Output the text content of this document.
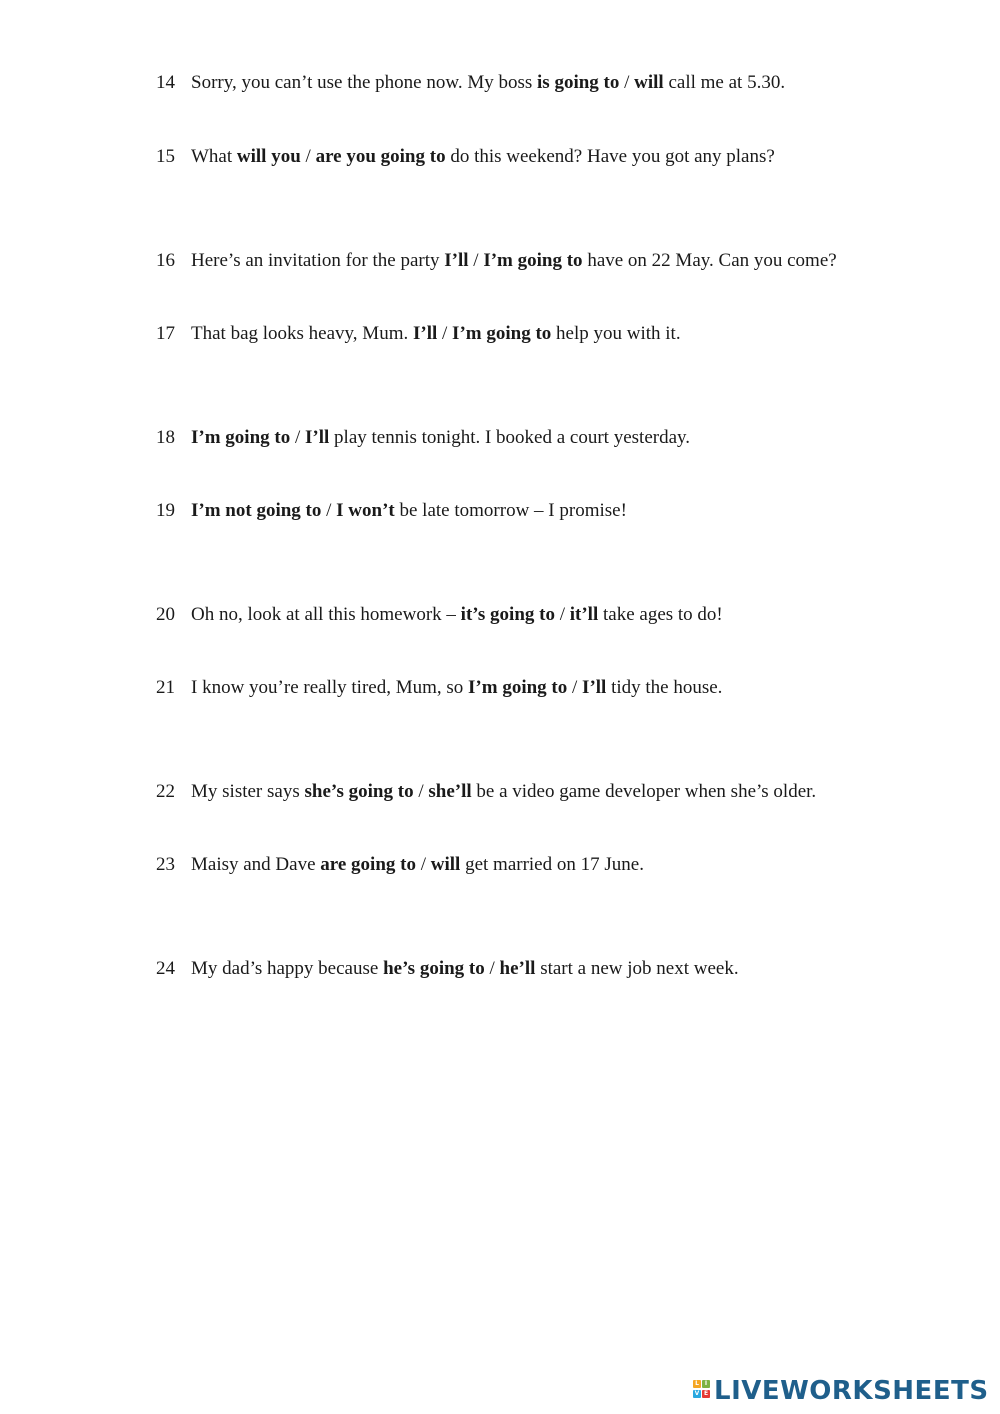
14 Sorry, you can’t use the phone now. My boss is going to / will call me at 5.30.
15 What will you / are you going to do this weekend? Have you got any plans?
16 Here’s an invitation for the party I’ll / I’m going to have on 22 May. Can you come?
17 That bag looks heavy, Mum. I’ll / I’m going to help you with it.
18 I’m going to / I’ll play tennis tonight. I booked a court yesterday.
19 I’m not going to / I won’t be late tomorrow – I promise!
20 Oh no, look at all this homework – it’s going to / it’ll take ages to do!
21 I know you’re really tired, Mum, so I’m going to / I’ll tidy the house.
22 My sister says she’s going to / she’ll be a video game developer when she’s older.
23 Maisy and Dave are going to / will get married on 17 June.
24 My dad’s happy because he’s going to / he’ll start a new job next week.
L I
V E LIVEWORKSHEETS
